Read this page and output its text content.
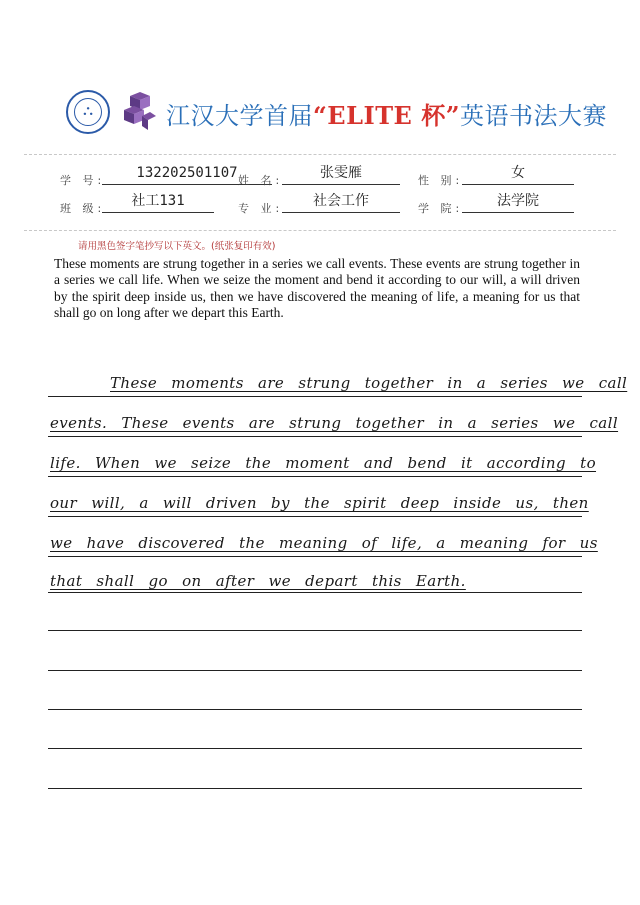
⛬	江汉大学首届“ELITE 杯”英语书法大赛
学 号:	132202501107 姓 名:	张雯雁	性 别:	女
班 级:	社工131	专 业:	社会工作	学 院:	法学院
请用黑色签字笔抄写以下英文。(纸张复印有效)
These moments are strung together in a series we call events. These events are strung together in a series we call life. When we seize the moment and bend it according to our will, a will driven by the spirit deep inside us, then we have discovered the meaning of life, a meaning for us that shall go on long after we depart this Earth.
These moments are strung together in a series we call
events. These events are strung together in a series we call
life. When we seize the moment and bend it according to
our will, a will driven by the spirit deep inside us, then
we have discovered the meaning of life, a meaning for us
that shall go on after we depart this Earth.
